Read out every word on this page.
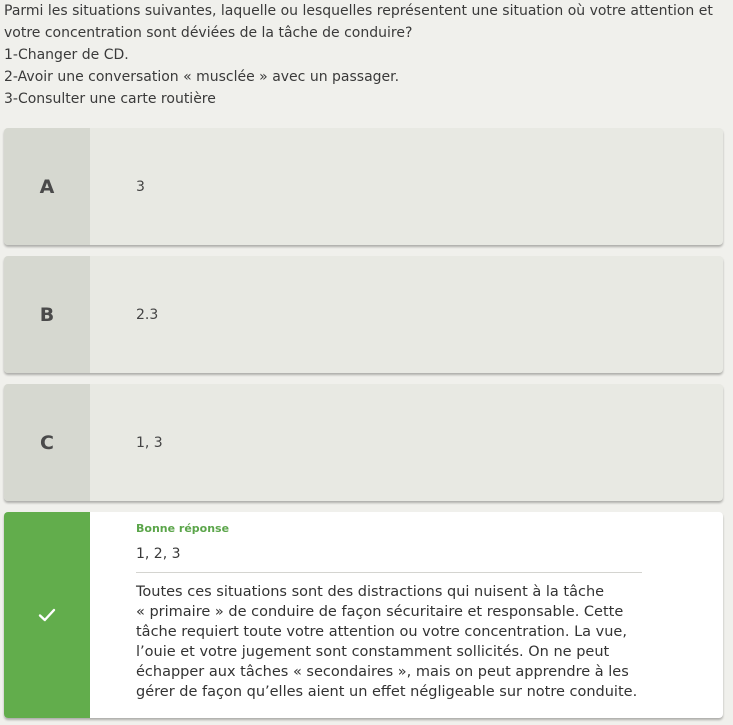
Parmi les situations suivantes, laquelle ou lesquelles représentent une situation où votre attention et
votre concentration sont déviées de la tâche de conduire?
1-Changer de CD.
2-Avoir une conversation « musclée » avec un passager.
3-Consulter une carte routière
A	3
B	2.3
C	1, 3
Bonne réponse
1, 2, 3
Toutes ces situations sont des distractions qui nuisent à la tâche
« primaire » de conduire de façon sécuritaire et responsable. Cette
tâche requiert toute votre attention ou votre concentration. La vue,
l’ouie et votre jugement sont constamment sollicités. On ne peut
échapper aux tâches « secondaires », mais on peut apprendre à les
gérer de façon qu’elles aient un effet négligeable sur notre conduite.
